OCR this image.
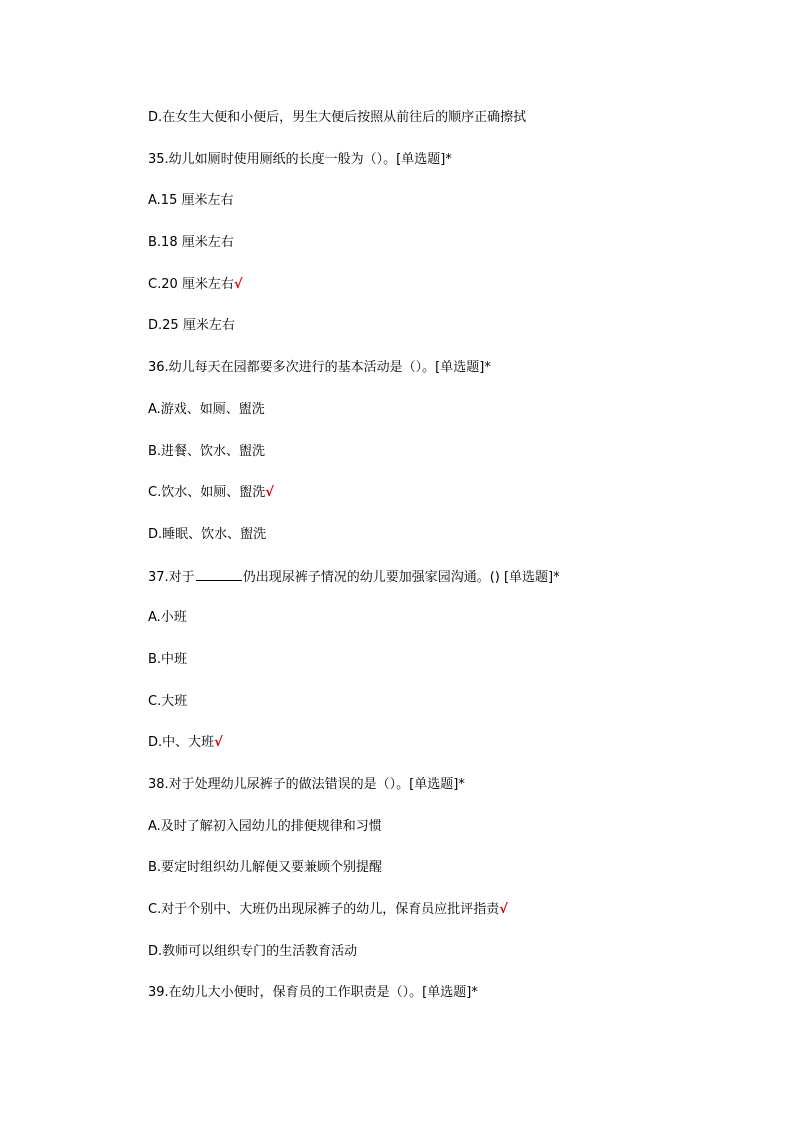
D.在女生大便和小便后，男生大便后按照从前往后的顺序正确擦拭
35.幼儿如厕时使用厕纸的长度一般为（）。[单选题]*
A.15 厘米左右
B.18 厘米左右
C.20 厘米左右√
D.25 厘米左右
36.幼儿每天在园都要多次进行的基本活动是（）。[单选题]*
A.游戏、如厕、盥洗
B.进餐、饮水、盥洗
C.饮水、如厕、盥洗√
D.睡眠、饮水、盥洗
37.对于	仍出现尿裤子情况的幼儿要加强家园沟通。() [单选题]*
A.小班
B.中班
C.大班
D.中、大班√
38.对于处理幼儿尿裤子的做法错误的是（）。[单选题]*
A.及时了解初入园幼儿的排便规律和习惯
B.要定时组织幼儿解便又要兼顾个别提醒
C.对于个别中、大班仍出现尿裤子的幼儿，保育员应批评指责√
D.教师可以组织专门的生活教育活动
39.在幼儿大小便时，保育员的工作职责是（）。[单选题]*
